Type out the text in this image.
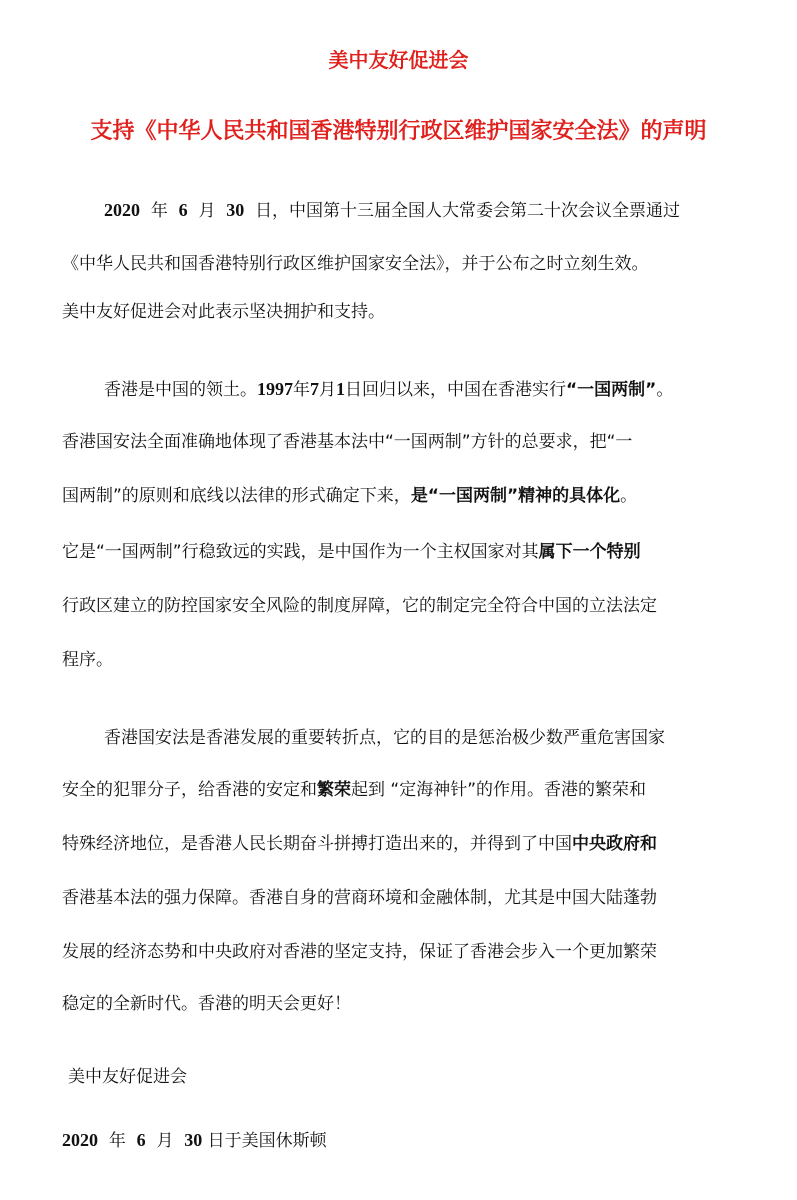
美中友好促进会
支持《中华人民共和国香港特别行政区维护国家安全法》的声明
2020 年 6 月 30 日，中国第十三届全国人大常委会第二十次会议全票通过
《中华人民共和国香港特别行政区维护国家安全法》，并于公布之时立刻生效。
美中友好促进会对此表示坚决拥护和支持。
香港是中国的领土。1997年7月1日回归以来，中国在香港实行“一国两制”。
香港国安法全面准确地体现了香港基本法中“一国两制”方针的总要求，把“一
国两制”的原则和底线以法律的形式确定下来，是“一国两制”精神的具体化。
它是“一国两制”行稳致远的实践，是中国作为一个主权国家对其属下一个特别
行政区建立的防控国家安全风险的制度屏障，它的制定完全符合中国的立法法定
程序。
香港国安法是香港发展的重要转折点，它的目的是惩治极少数严重危害国家
安全的犯罪分子，给香港的安定和繁荣起到 “定海神针”的作用。香港的繁荣和
特殊经济地位，是香港人民长期奋斗拼搏打造出来的，并得到了中国中央政府和
香港基本法的强力保障。香港自身的营商环境和金融体制，尤其是中国大陆蓬勃
发展的经济态势和中央政府对香港的坚定支持，保证了香港会步入一个更加繁荣
稳定的全新时代。香港的明天会更好！
美中友好促进会
2020 年 6 月 30 日于美国休斯顿
